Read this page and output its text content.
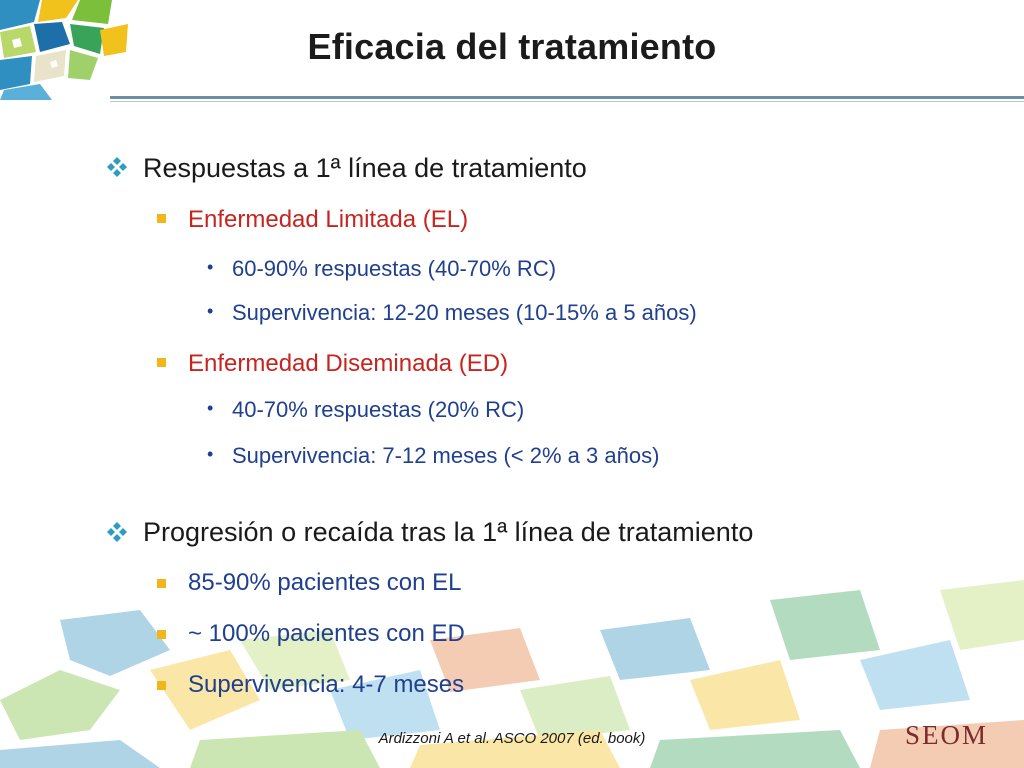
Eficacia del tratamiento
Respuestas a 1ª línea de tratamiento
Enfermedad Limitada (EL)
• 60-90% respuestas (40-70% RC)
• Supervivencia: 12-20 meses (10-15% a 5 años)
Enfermedad Diseminada (ED)
• 40-70% respuestas (20% RC)
• Supervivencia: 7-12 meses (< 2% a 3 años)
Progresión o recaída tras la 1ª línea de tratamiento
85-90% pacientes con EL
~ 100% pacientes con ED
Supervivencia: 4-7 meses
Ardizzoni A et al. ASCO 2007 (ed. book)	SEOM
